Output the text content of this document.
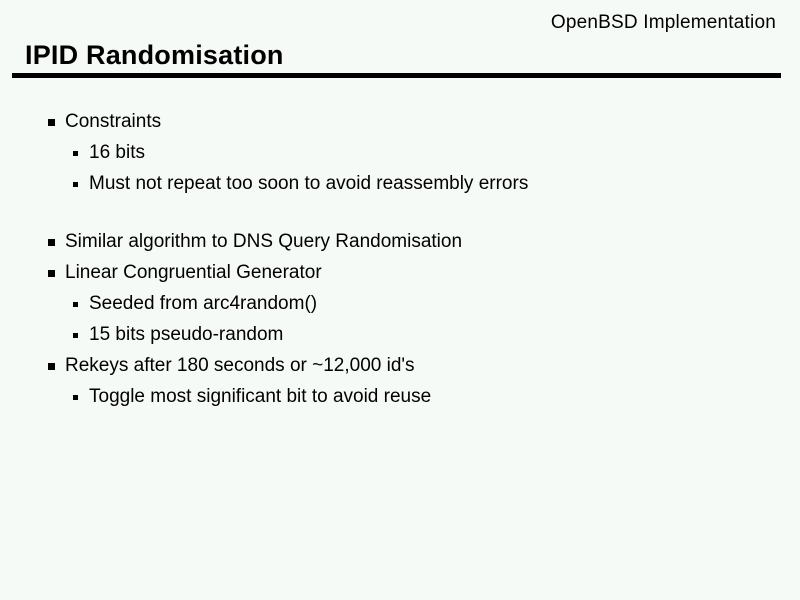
OpenBSD Implementation
IPID Randomisation
Constraints
16 bits
Must not repeat too soon to avoid reassembly errors
Similar algorithm to DNS Query Randomisation
Linear Congruential Generator
Seeded from arc4random()
15 bits pseudo-random
Rekeys after 180 seconds or ~12,000 id's
Toggle most significant bit to avoid reuse
